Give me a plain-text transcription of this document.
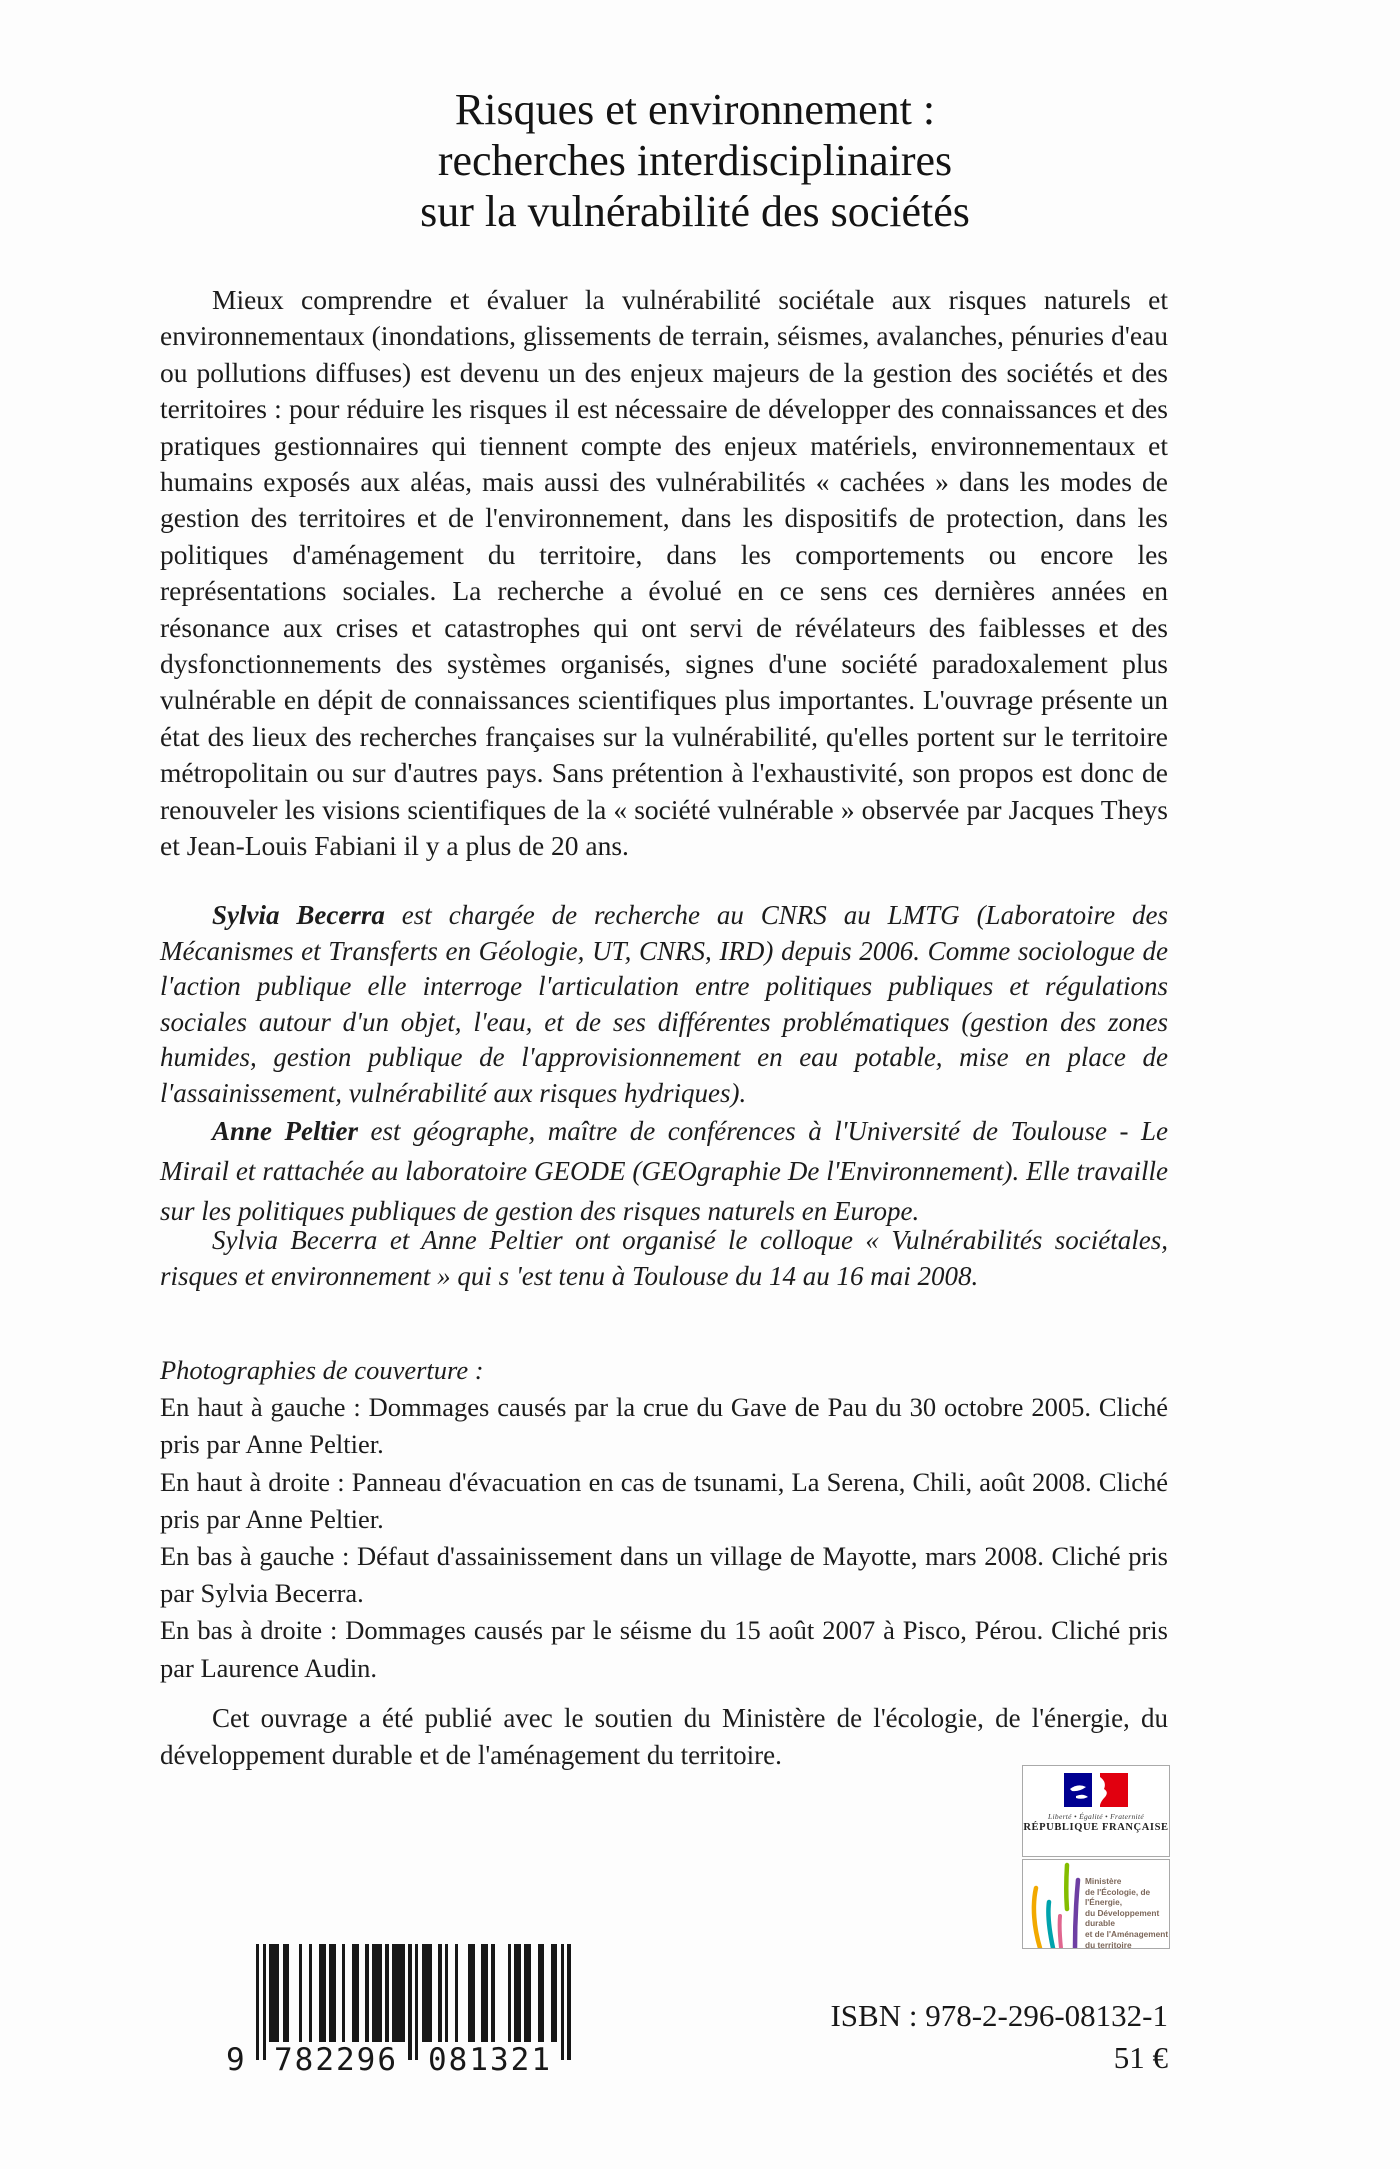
Risques et environnement :
recherches interdisciplinaires
sur la vulnérabilité des sociétés

Mieux comprendre et évaluer la vulnérabilité sociétale aux risques naturels et environnementaux (inondations, glissements de terrain, séismes, avalanches, pénuries d'eau ou pollutions diffuses) est devenu un des enjeux majeurs de la gestion des sociétés et des territoires : pour réduire les risques il est nécessaire de développer des connaissances et des pratiques gestionnaires qui tiennent compte des enjeux matériels, environnementaux et humains exposés aux aléas, mais aussi des vulnérabilités « cachées » dans les modes de gestion des territoires et de l'environnement, dans les dispositifs de protection, dans les politiques d'aménagement du territoire, dans les comportements ou encore les représentations sociales. La recherche a évolué en ce sens ces dernières années en résonance aux crises et catastrophes qui ont servi de révélateurs des faiblesses et des dysfonctionnements des systèmes organisés, signes d'une société paradoxalement plus vulnérable en dépit de connaissances scientifiques plus importantes. L'ouvrage présente un état des lieux des recherches françaises sur la vulnérabilité, qu'elles portent sur le territoire métropolitain ou sur d'autres pays. Sans prétention à l'exhaustivité, son propos est donc de renouveler les visions scientifiques de la « société vulnérable » observée par Jacques Theys et Jean-Louis Fabiani il y a plus de 20 ans.

Sylvia Becerra est chargée de recherche au CNRS au LMTG (Laboratoire des Mécanismes et Transferts en Géologie, UT, CNRS, IRD) depuis 2006. Comme sociologue de l'action publique elle interroge l'articulation entre politiques publiques et régulations sociales autour d'un objet, l'eau, et de ses différentes problématiques (gestion des zones humides, gestion publique de l'approvisionnement en eau potable, mise en place de l'assainissement, vulnérabilité aux risques hydriques).

Anne Peltier est géographe, maître de conférences à l'Université de Toulouse - Le Mirail et rattachée au laboratoire GEODE (GEOgraphie De l'Environnement). Elle travaille sur les politiques publiques de gestion des risques naturels en Europe.

Sylvia Becerra et Anne Peltier ont organisé le colloque « Vulnérabilités sociétales, risques et environnement » qui s 'est tenu à Toulouse du 14 au 16 mai 2008.

Photographies de couverture :

En haut à gauche : Dommages causés par la crue du Gave de Pau du 30 octobre 2005. Cliché pris par Anne Peltier.

En haut à droite : Panneau d'évacuation en cas de tsunami, La Serena, Chili, août 2008. Cliché pris par Anne Peltier.

En bas à gauche : Défaut d'assainissement dans un village de Mayotte, mars 2008. Cliché pris par Sylvia Becerra.

En bas à droite : Dommages causés par le séisme du 15 août 2007 à Pisco, Pérou. Cliché pris par Laurence Audin.

Cet ouvrage a été publié avec le soutien du Ministère de l'écologie, de l'énergie, du développement durable et de l'aménagement du territoire.

Liberté • Égalité • Fraternité
RÉPUBLIQUE FRANÇAISE
Ministère
de l'Écologie, de l'Énergie,
du Développement durable
et de l'Aménagement
du territoire
9 782296 081321
ISBN : 978-2-296-08132-1
51 €
